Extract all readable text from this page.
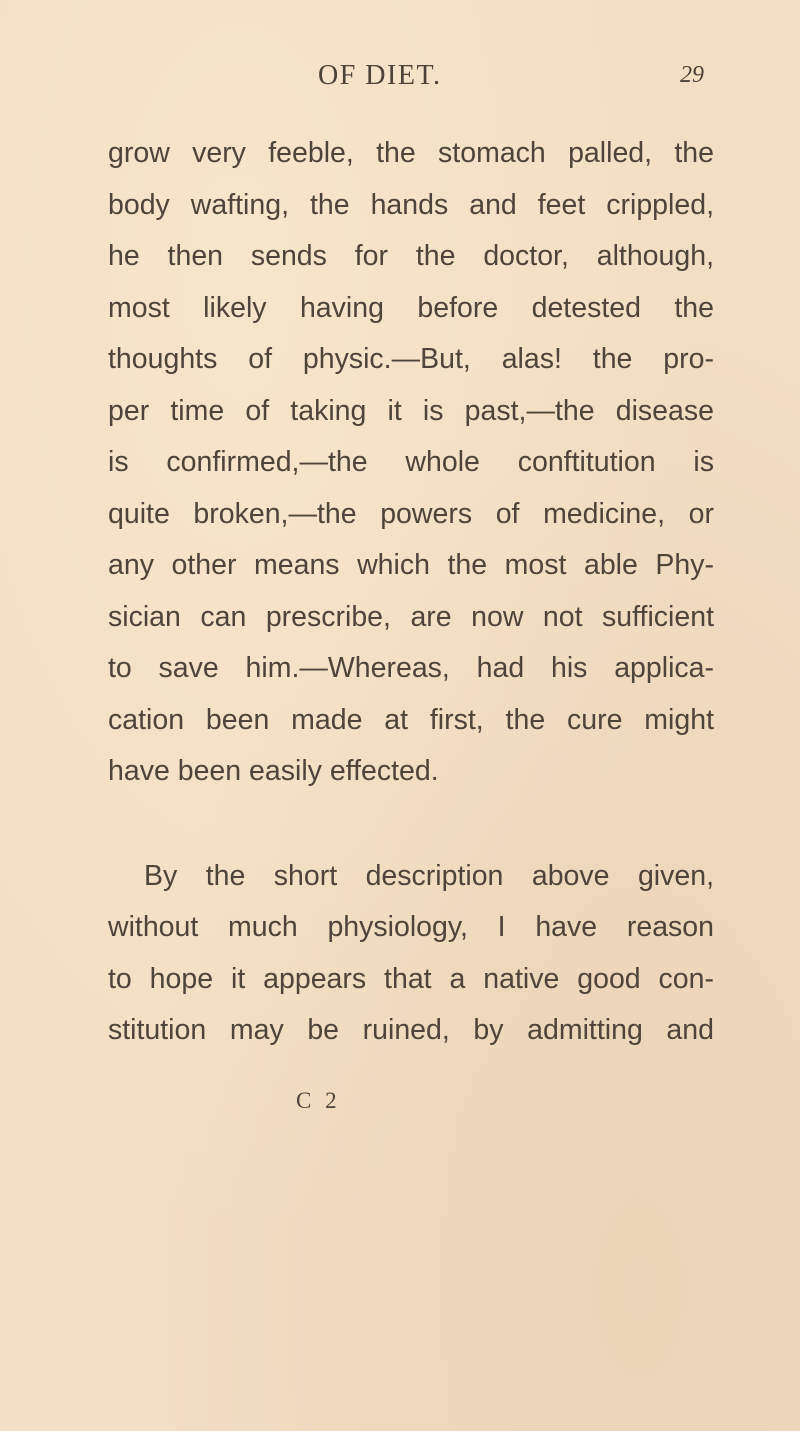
OF DIET.	29
grow very feeble, the stomach palled, the
body wafting, the hands and feet crippled,
he then sends for the doctor, although,
most likely having before detested the
thoughts of physic.—But, alas! the pro-
per time of taking it is past,—the disease
is confirmed,—the whole conftitution is
quite broken,—the powers of medicine, or
any other means which the most able Phy-
sician can prescribe, are now not sufficient
to save him.—Whereas, had his applica-
cation been made at first, the cure might
have been easily effected.
By the short description above given,
without much physiology, I have reason
to hope it appears that a native good con-
stitution may be ruined, by admitting and
C 2
